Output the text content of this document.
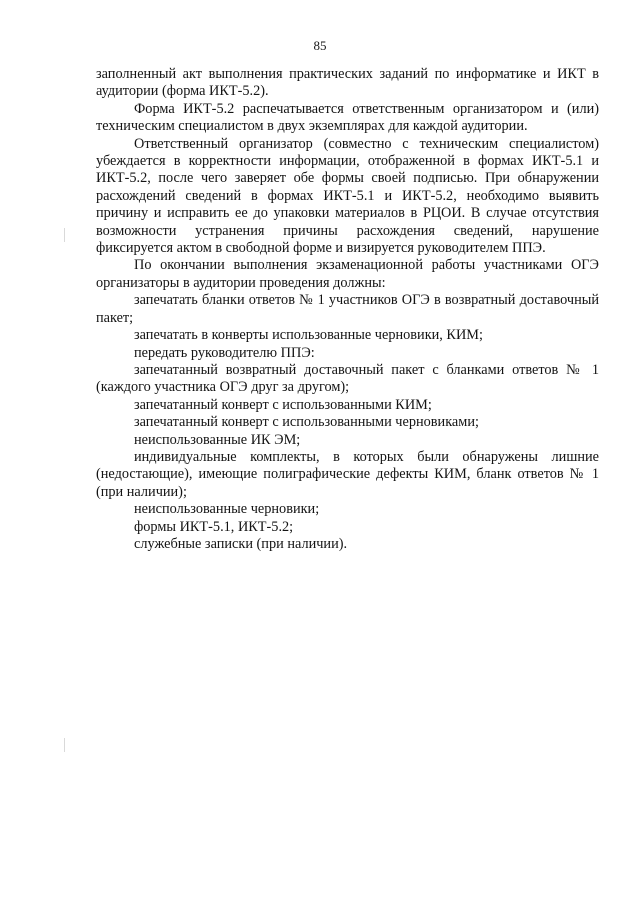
85

заполненный акт выполнения практических заданий по информатике и ИКТ в аудитории (форма ИКТ-5.2).

Форма ИКТ-5.2 распечатывается ответственным организатором и (или) техническим специалистом в двух экземплярах для каждой аудитории.

Ответственный организатор (совместно с техническим специалистом) убеждается в корректности информации, отображенной в формах ИКТ-5.1 и ИКТ-5.2, после чего заверяет обе формы своей подписью. При обнаружении расхождений сведений в формах ИКТ-5.1 и ИКТ-5.2, необходимо выявить причину и исправить ее до упаковки материалов в РЦОИ. В случае отсутствия возможности устранения причины расхождения сведений, нарушение фиксируется актом в свободной форме и визируется руководителем ППЭ.

По окончании выполнения экзаменационной работы участниками ОГЭ организаторы в аудитории проведения должны:

запечатать бланки ответов № 1 участников ОГЭ в возвратный доставочный пакет;

запечатать в конверты использованные черновики, КИМ;

передать руководителю ППЭ:

запечатанный возвратный доставочный пакет с бланками ответов № 1 (каждого участника ОГЭ друг за другом);

запечатанный конверт с использованными КИМ;

запечатанный конверт с использованными черновиками;

неиспользованные ИК ЭМ;

индивидуальные комплекты, в которых были обнаружены лишние (недостающие), имеющие полиграфические дефекты КИМ, бланк ответов № 1 (при наличии);

неиспользованные черновики;

формы ИКТ-5.1, ИКТ-5.2;

служебные записки (при наличии).
